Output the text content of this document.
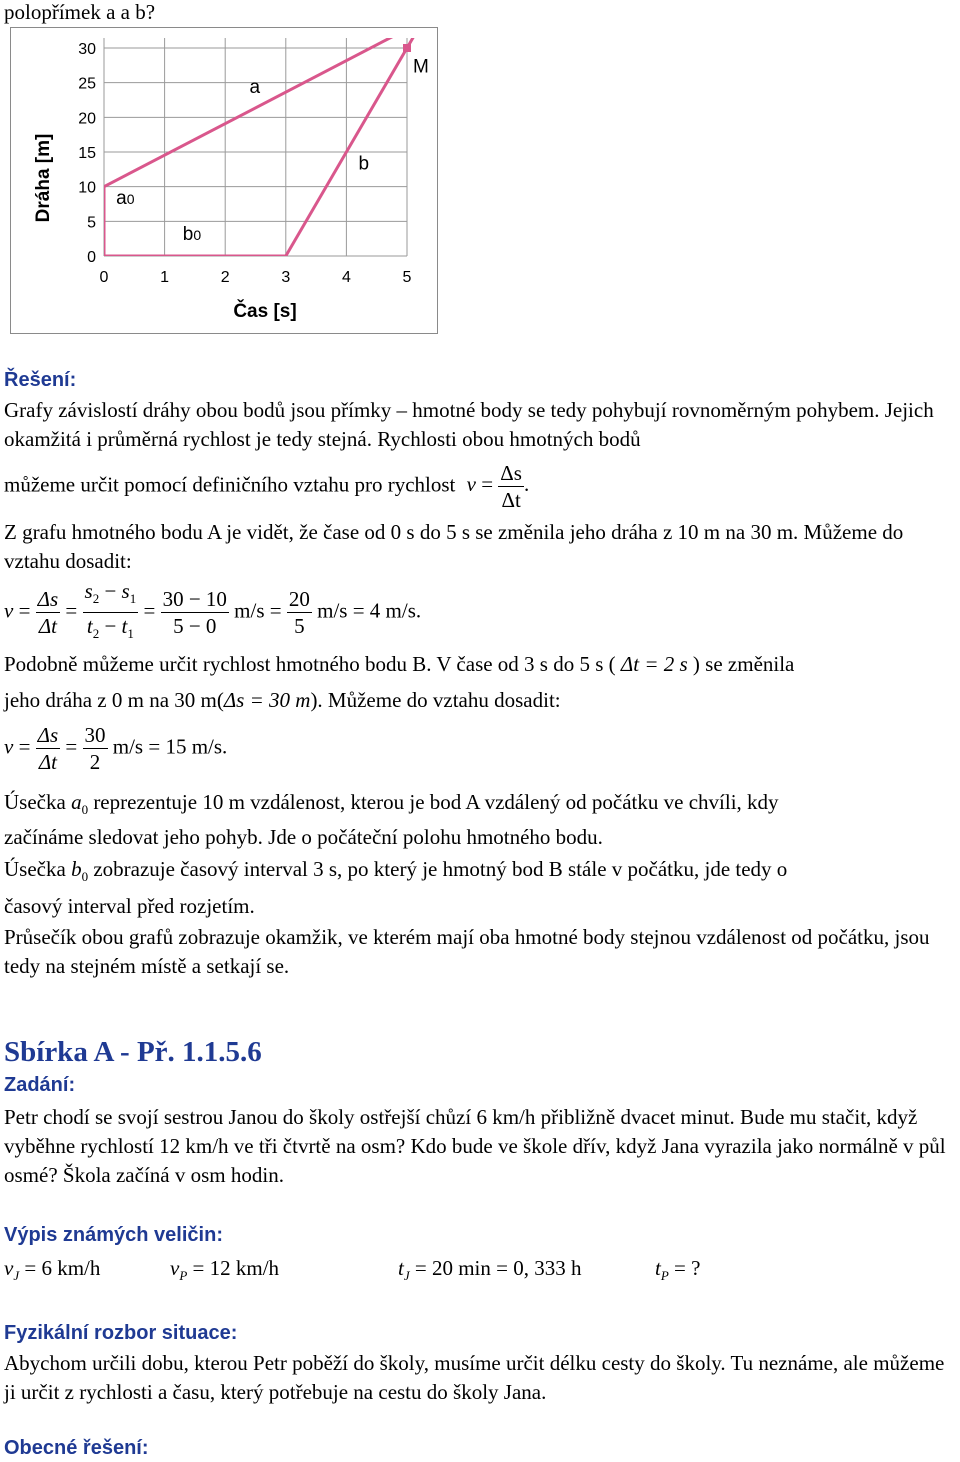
polopřímek a a b?
0
5
10
15
20
25
30
0	1	2	3	4	5
a
b
M
a0
b0
Čas [s]
Dráha [m]
Řešení:
Grafy závislostí dráhy obou bodů jsou přímky – hmotné body se tedy pohybují rovnoměrným pohybem. Jejich okamžitá i průměrná rychlost je tedy stejná. Rychlosti obou hmotných bodů
můžeme určit pomocí definičního vztahu pro rychlost $v = \frac{\Delta s}{\Delta t}$ .
Z grafu hmotného bodu A je vidět, že čase od 0 s do 5 s se změnila jeho dráha z 10 m na 30 m. Můžeme do vztahu dosadit:
$v = \frac{\Delta s}{\Delta t} = \frac{s_2 - s_1}{t_2 - t_1} = \frac{30 - 10}{5 - 0} m/s = \frac{20}{5} m/s = 4$ m/s.
Podobně můžeme určit rychlost hmotného bodu B. V čase od 3 s do 5 s ( Δt = 2 s ) se změnila
jeho dráha z 0 m na 30 m(Δs = 30 m). Můžeme do vztahu dosadit:
$v = \frac{\Delta s}{\Delta t} = \frac{30}{2} m/s = 15$ m/s.
Úsečka $a_0$ reprezentuje 10 m vzdálenost, kterou je bod A vzdálený od počátku ve chvíli, kdy
začínáme sledovat jeho pohyb. Jde o počáteční polohu hmotného bodu.
Úsečka $b_0$ zobrazuje časový interval 3 s, po který je hmotný bod B stále v počátku, jde tedy o
časový interval před rozjetím.
Průsečík obou grafů zobrazuje okamžik, ve kterém mají oba hmotné body stejnou vzdálenost od počátku, jsou tedy na stejném místě a setkají se.
Sbírka A - Př. 1.1.5.6
Zadání:
Petr chodí se svojí sestrou Janou do školy ostřejší chůzí 6 km/h přibližně dvacet minut. Bude mu stačit, když vyběhne rychlostí 12 km/h ve tři čtvrtě na osm? Kdo bude ve škole dřív, když Jana vyrazila jako normálně v půl osmé? Škola začíná v osm hodin.
Výpis známých veličin:
$v_J = 6$ km/h	$v_P = 12$ km/h	$t_J = 20$ min = 0, 333 h	$t_P$ = ?
Fyzikální rozbor situace:
Abychom určili dobu, kterou Petr poběží do školy, musíme určit délku cesty do školy. Tu neznáme, ale můžeme ji určit z rychlosti a času, který potřebuje na cestu do školy Jana.
Obecné řešení:
